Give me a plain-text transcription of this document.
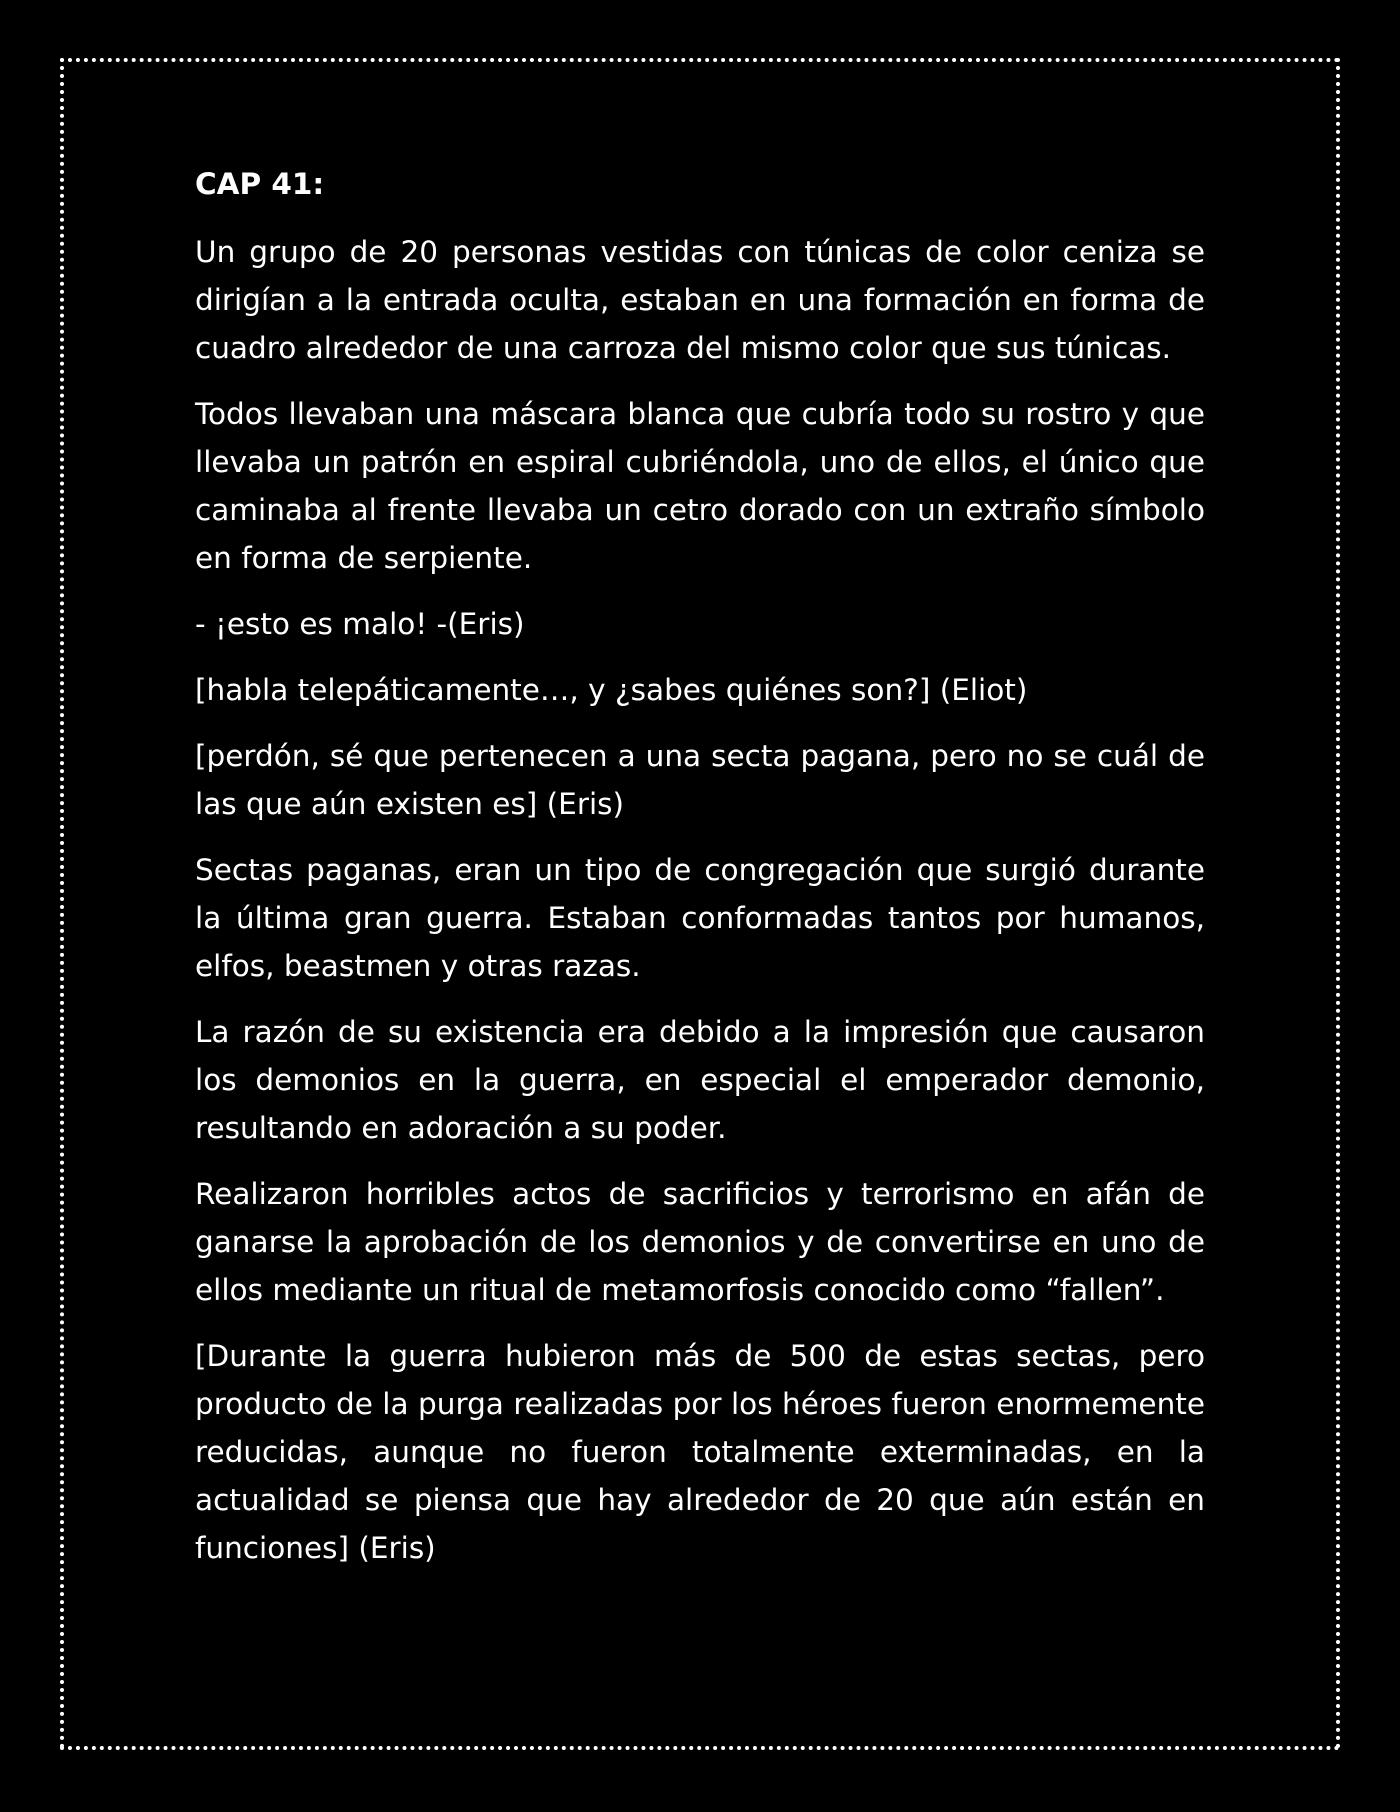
CAP 41:

Un grupo de 20 personas vestidas con túnicas de color ceniza se dirigían a la entrada oculta, estaban en una formación en forma de cuadro alrededor de una carroza del mismo color que sus túnicas.

Todos llevaban una máscara blanca que cubría todo su rostro y que llevaba un patrón en espiral cubriéndola, uno de ellos, el único que caminaba al frente llevaba un cetro dorado con un extraño símbolo en forma de serpiente.

- ¡esto es malo! -(Eris)

[habla telepáticamente…, y ¿sabes quiénes son?] (Eliot)

[perdón, sé que pertenecen a una secta pagana, pero no se cuál de las que aún existen es] (Eris)

Sectas paganas, eran un tipo de congregación que surgió durante la última gran guerra. Estaban conformadas tantos por humanos, elfos, beastmen y otras razas.

La razón de su existencia era debido a la impresión que causaron los demonios en la guerra, en especial el emperador demonio, resultando en adoración a su poder.

Realizaron horribles actos de sacrificios y terrorismo en afán de ganarse la aprobación de los demonios y de convertirse en uno de ellos mediante un ritual de metamorfosis conocido como “fallen”.

[Durante la guerra hubieron más de 500 de estas sectas, pero producto de la purga realizadas por los héroes fueron enormemente reducidas, aunque no fueron totalmente exterminadas, en la actualidad se piensa que hay alrededor de 20 que aún están en funciones] (Eris)
